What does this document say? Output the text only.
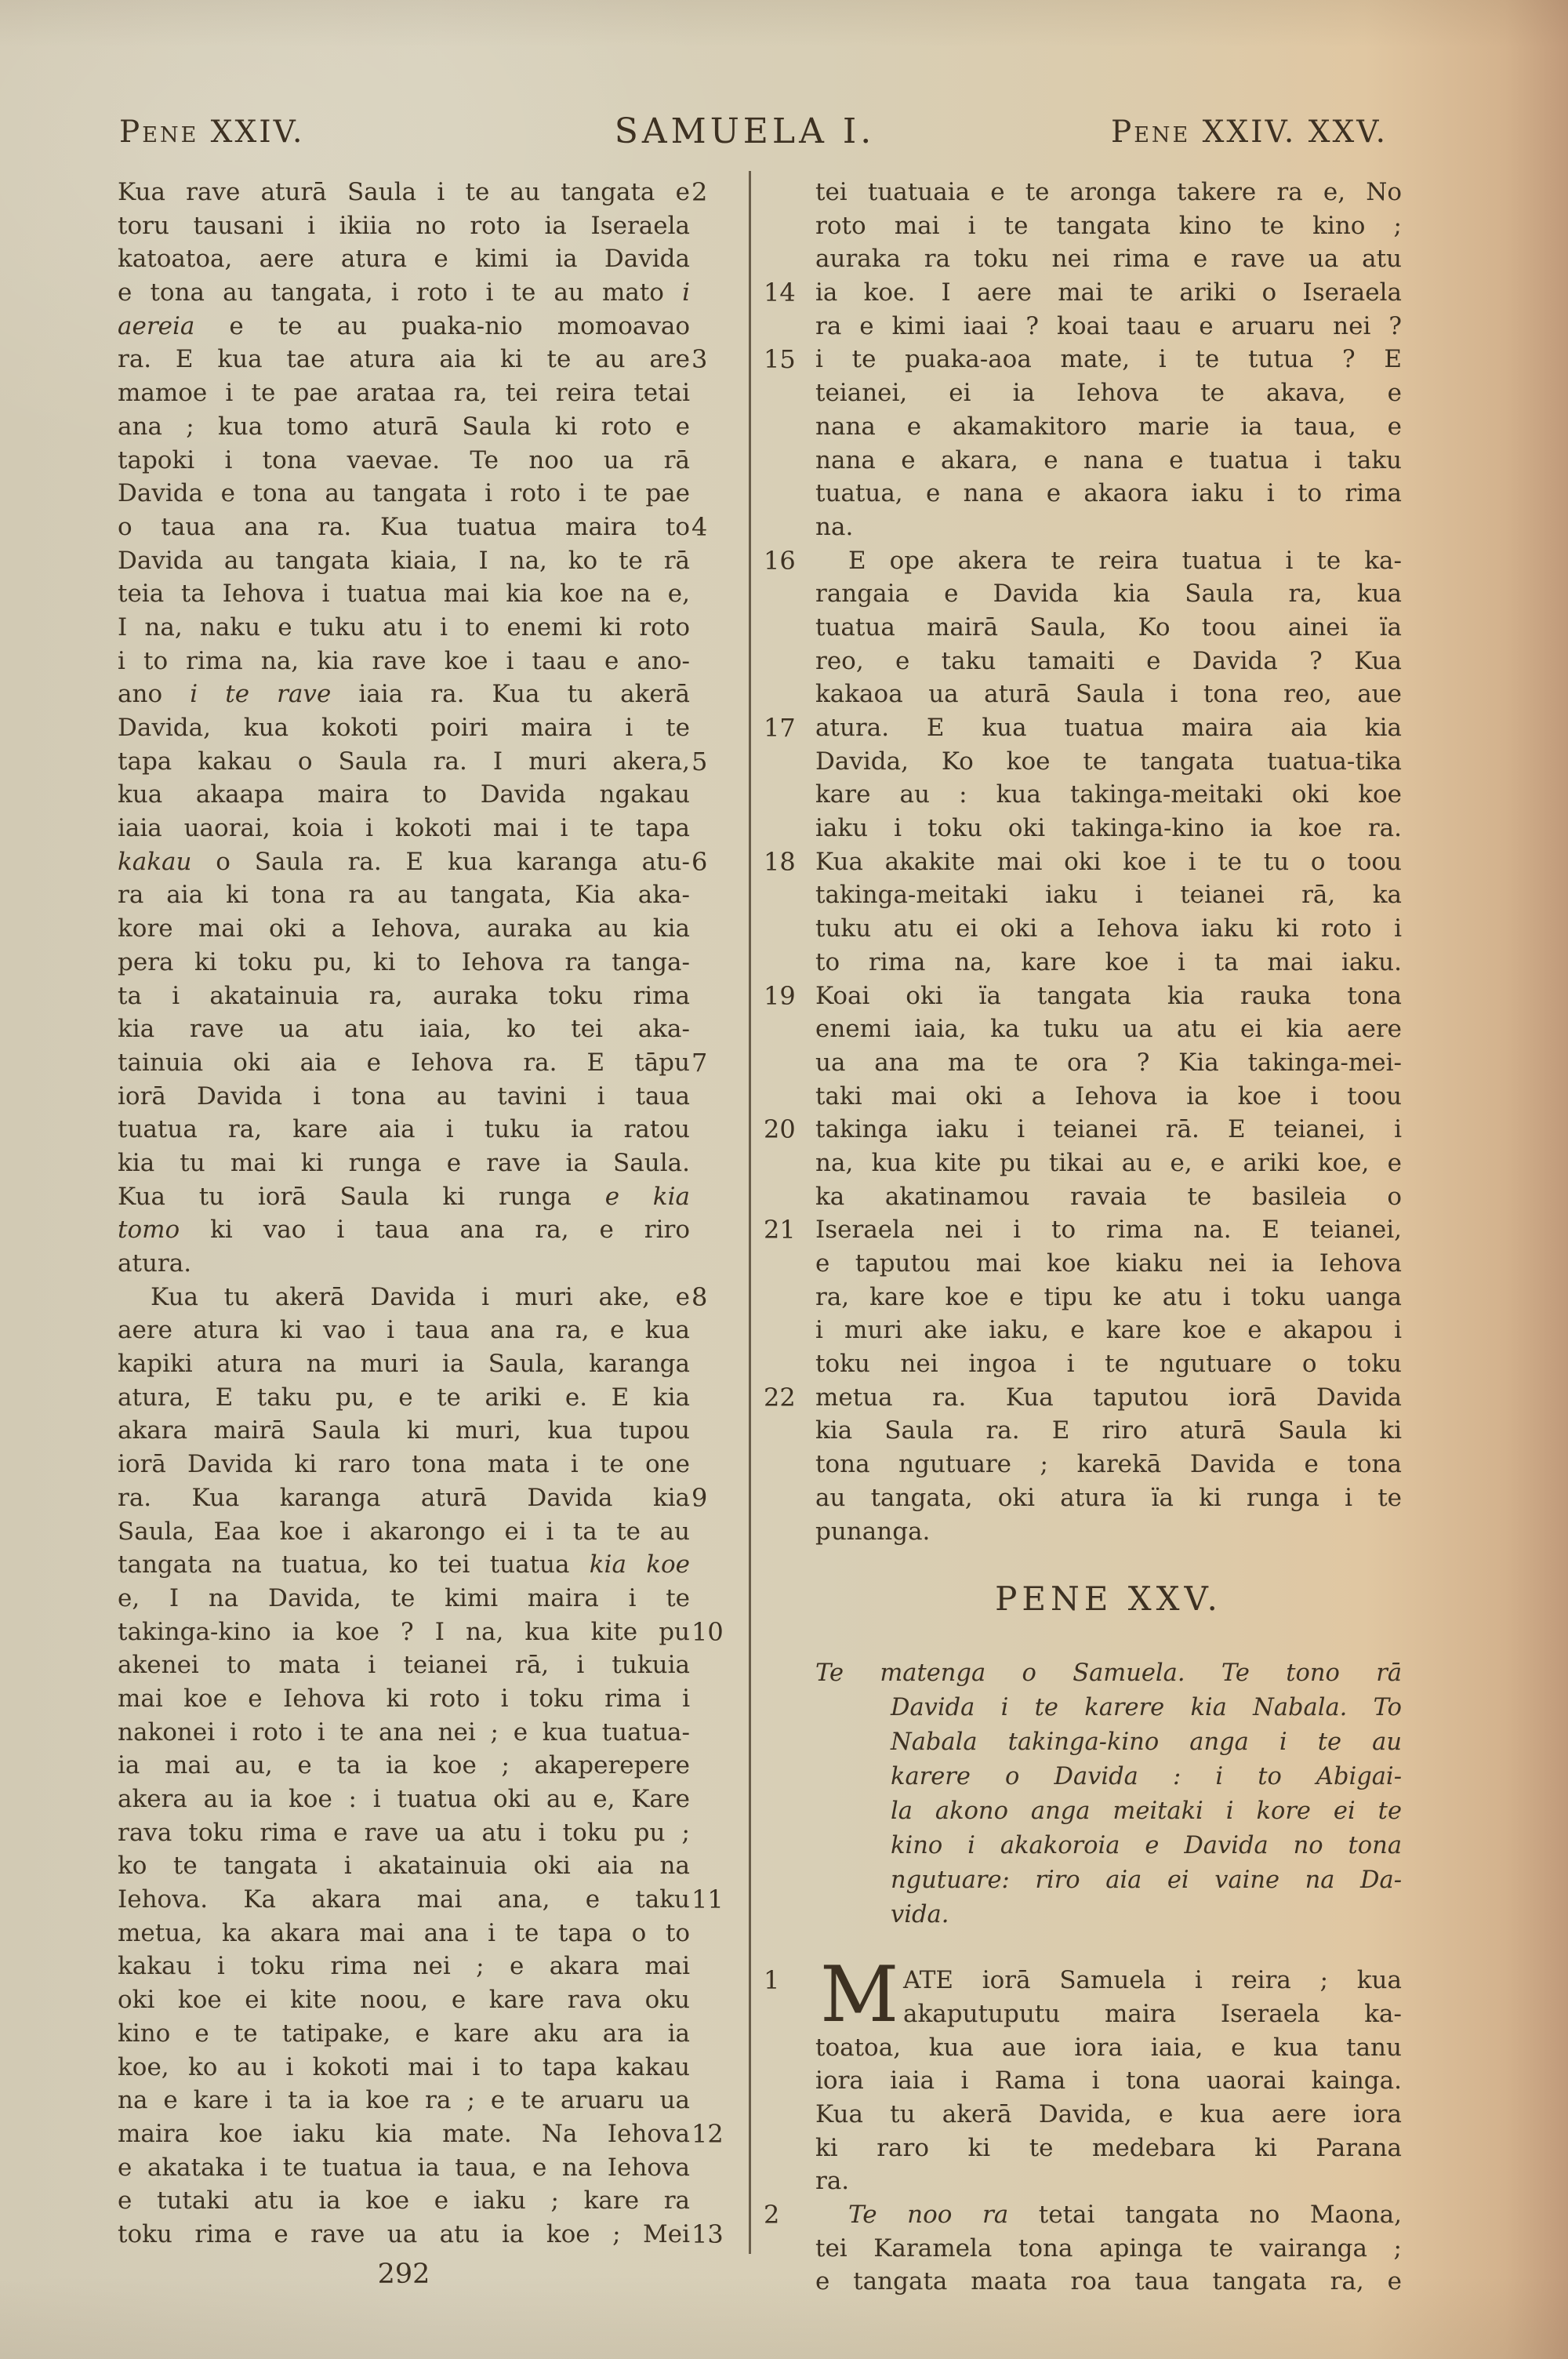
Pene XXIV.	SAMUELA I.	Pene XXIV. XXV.
2
Kua rave aturā Saula i te au tangata e
toru tausani i ikiia no roto ia Iseraela
katoatoa, aere atura e kimi ia Davida
e tona au tangata, i roto i te au mato i
aereia e te au puaka-nio momoavao
3
ra. E kua tae atura aia ki te au are
mamoe i te pae arataa ra, tei reira tetai
ana ; kua tomo aturā Saula ki roto e
tapoki i tona vaevae. Te noo ua rā
Davida e tona au tangata i roto i te pae
4
o taua ana ra. Kua tuatua maira to
Davida au tangata kiaia, I na, ko te rā
teia ta Iehova i tuatua mai kia koe na e,
I na, naku e tuku atu i to enemi ki roto
i to rima na, kia rave koe i taau e ano-
ano i te rave iaia ra. Kua tu akerā
Davida, kua kokoti poiri maira i te
5
tapa kakau o Saula ra. I muri akera,
kua akaapa maira to Davida ngakau
iaia uaorai, koia i kokoti mai i te tapa
6
kakau o Saula ra. E kua karanga atu-
ra aia ki tona ra au tangata, Kia aka-
kore mai oki a Iehova, auraka au kia
pera ki toku pu, ki to Iehova ra tanga-
ta i akatainuia ra, auraka toku rima
kia rave ua atu iaia, ko tei aka-
7
tainuia oki aia e Iehova ra. E tāpu
iorā Davida i tona au tavini i taua
tuatua ra, kare aia i tuku ia ratou
kia tu mai ki runga e rave ia Saula.
Kua tu iorā Saula ki runga e kia
tomo ki vao i taua ana ra, e riro
atura.
8
Kua tu akerā Davida i muri ake, e
aere atura ki vao i taua ana ra, e kua
kapiki atura na muri ia Saula, karanga
atura, E taku pu, e te ariki e. E kia
akara mairā Saula ki muri, kua tupou
iorā Davida ki raro tona mata i te one
9
ra. Kua karanga aturā Davida kia
Saula, Eaa koe i akarongo ei i ta te au
tangata na tuatua, ko tei tuatua kia koe
e, I na Davida, te kimi maira i te
10
takinga-kino ia koe ? I na, kua kite pu
akenei to mata i teianei rā, i tukuia
mai koe e Iehova ki roto i toku rima i
nakonei i roto i te ana nei ; e kua tuatua-
ia mai au, e ta ia koe ; akaperepere
akera au ia koe : i tuatua oki au e, Kare
rava toku rima e rave ua atu i toku pu ;
ko te tangata i akatainuia oki aia na
11
Iehova. Ka akara mai ana, e taku
metua, ka akara mai ana i te tapa o to
kakau i toku rima nei ; e akara mai
oki koe ei kite noou, e kare rava oku
kino e te tatipake, e kare aku ara ia
koe, ko au i kokoti mai i to tapa kakau
na e kare i ta ia koe ra ; e te aruaru ua
12
maira koe iaku kia mate. Na Iehova
e akataka i te tuatua ia taua, e na Iehova
e tutaki atu ia koe e iaku ; kare ra
13
toku rima e rave ua atu ia koe ; Mei
tei tuatuaia e te aronga takere ra e, No
roto mai i te tangata kino te kino ;
auraka ra toku nei rima e rave ua atu
14 ia koe. I aere mai te ariki o Iseraela
ra e kimi iaai ? koai taau e aruaru nei ?
15 i te puaka-aoa mate, i te tutua ? E
teianei, ei ia Iehova te akava, e
nana e akamakitoro marie ia taua, e
nana e akara, e nana e tuatua i taku
tuatua, e nana e akaora iaku i to rima
na.
16	E ope akera te reira tuatua i te ka-
rangaia e Davida kia Saula ra, kua
tuatua mairā Saula, Ko toou ainei ïa
reo, e taku tamaiti e Davida ? Kua
kakaoa ua aturā Saula i tona reo, aue
17 atura. E kua tuatua maira aia kia
Davida, Ko koe te tangata tuatua-tika
kare au : kua takinga-meitaki oki koe
iaku i toku oki takinga-kino ia koe ra.
18 Kua akakite mai oki koe i te tu o toou
takinga-meitaki iaku i teianei rā, ka
tuku atu ei oki a Iehova iaku ki roto i
to rima na, kare koe i ta mai iaku.
19 Koai oki ïa tangata kia rauka tona
enemi iaia, ka tuku ua atu ei kia aere
ua ana ma te ora ? Kia takinga-mei-
taki mai oki a Iehova ia koe i toou
20 takinga iaku i teianei rā. E teianei, i
na, kua kite pu tikai au e, e ariki koe, e
ka akatinamou ravaia te basileia o
21 Iseraela nei i to rima na. E teianei,
e taputou mai koe kiaku nei ia Iehova
ra, kare koe e tipu ke atu i toku uanga
i muri ake iaku, e kare koe e akapou i
toku nei ingoa i te ngutuare o toku
22 metua ra. Kua taputou iorā Davida
kia Saula ra. E riro aturā Saula ki
tona ngutuare ; karekā Davida e tona
au tangata, oki atura ïa ki runga i te
punanga.
PENE XXV.
Te matenga o Samuela. Te tono rā
Davida i te karere kia Nabala. To
Nabala takinga-kino anga i te au
karere o Davida : i to Abigai-
la akono anga meitaki i kore ei te
kino i akakoroia e Davida no tona
ngutuare: riro aia ei vaine na Da-
vida.
M
1	ATE iorā Samuela i reira ; kua
akaputuputu maira Iseraela ka-
toatoa, kua aue iora iaia, e kua tanu
iora iaia i Rama i tona uaorai kainga.
Kua tu akerā Davida, e kua aere iora
ki raro ki te medebara ki Parana
ra.
2	Te noo ra tetai tangata no Maona,
tei Karamela tona apinga te vairanga ;
e tangata maata roa taua tangata ra, e
292
